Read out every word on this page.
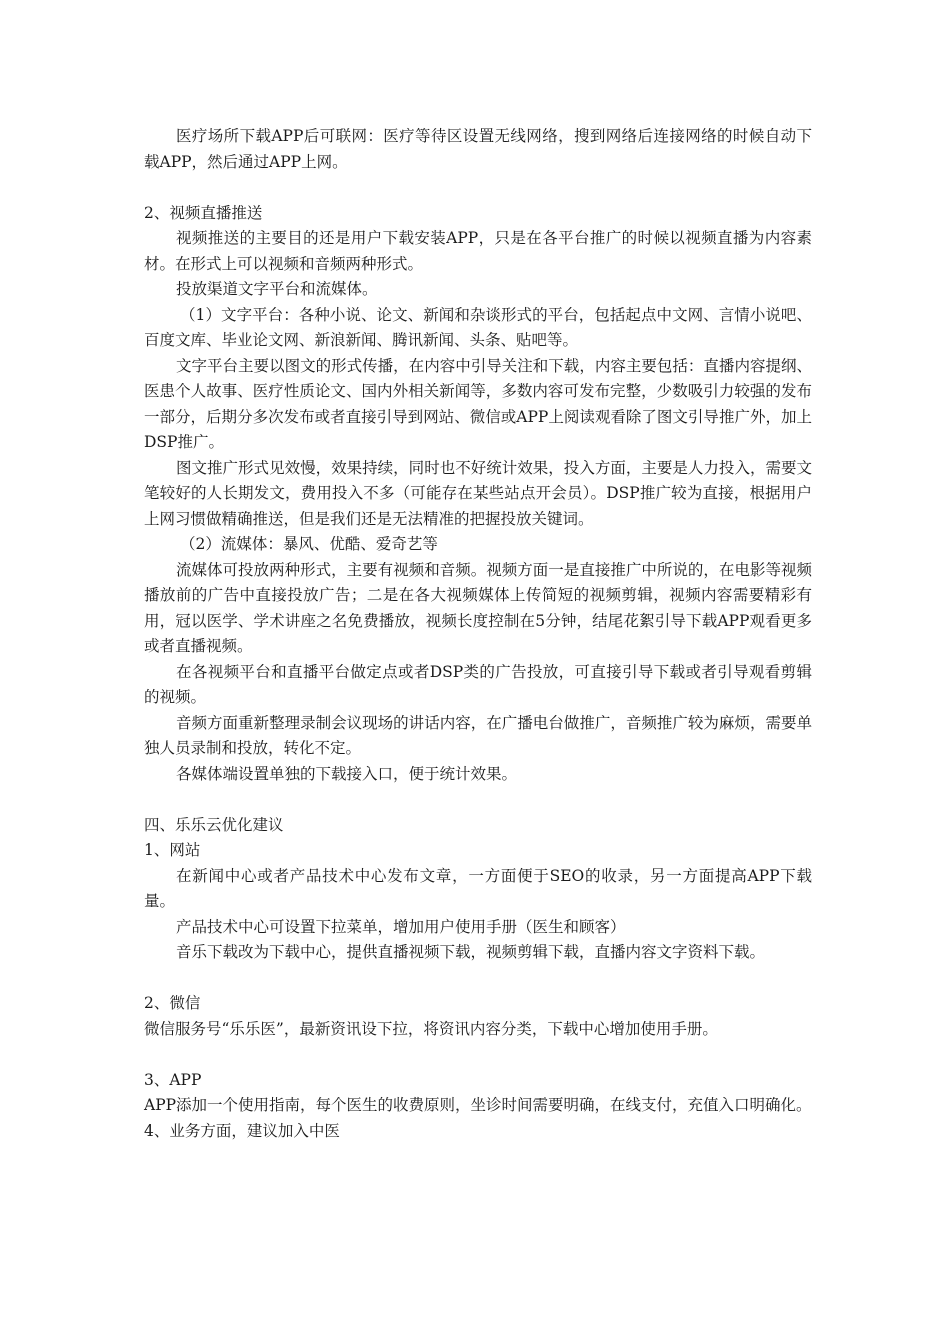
医疗场所下载APP后可联网：医疗等待区设置无线网络，搜到网络后连接网络的时候自动下载APP，然后通过APP上网。

2、视频直播推送

视频推送的主要目的还是用户下载安装APP，只是在各平台推广的时候以视频直播为内容素材。在形式上可以视频和音频两种形式。

投放渠道文字平台和流媒体。

（1）文字平台：各种小说、论文、新闻和杂谈形式的平台，包括起点中文网、言情小说吧、百度文库、毕业论文网、新浪新闻、腾讯新闻、头条、贴吧等。

文字平台主要以图文的形式传播，在内容中引导关注和下载，内容主要包括：直播内容提纲、医患个人故事、医疗性质论文、国内外相关新闻等，多数内容可发布完整，少数吸引力较强的发布一部分，后期分多次发布或者直接引导到网站、微信或APP上阅读观看除了图文引导推广外，加上DSP推广。

图文推广形式见效慢，效果持续，同时也不好统计效果，投入方面，主要是人力投入，需要文笔较好的人长期发文，费用投入不多（可能存在某些站点开会员）。DSP推广较为直接，根据用户上网习惯做精确推送，但是我们还是无法精准的把握投放关键词。

（2）流媒体：暴风、优酷、爱奇艺等

流媒体可投放两种形式，主要有视频和音频。视频方面一是直接推广中所说的，在电影等视频播放前的广告中直接投放广告；二是在各大视频媒体上传简短的视频剪辑，视频内容需要精彩有用，冠以医学、学术讲座之名免费播放，视频长度控制在5分钟，结尾花絮引导下载APP观看更多或者直播视频。

在各视频平台和直播平台做定点或者DSP类的广告投放，可直接引导下载或者引导观看剪辑的视频。

音频方面重新整理录制会议现场的讲话内容，在广播电台做推广，音频推广较为麻烦，需要单独人员录制和投放，转化不定。

各媒体端设置单独的下载接入口，便于统计效果。

四、乐乐云优化建议

1、网站

在新闻中心或者产品技术中心发布文章，一方面便于SEO的收录，另一方面提高APP下载量。

产品技术中心可设置下拉菜单，增加用户使用手册（医生和顾客）

音乐下载改为下载中心，提供直播视频下载，视频剪辑下载，直播内容文字资料下载。

2、微信

微信服务号“乐乐医”，最新资讯设下拉，将资讯内容分类，下载中心增加使用手册。

3、APP

APP添加一个使用指南，每个医生的收费原则，坐诊时间需要明确，在线支付，充值入口明确化。

4、业务方面，建议加入中医
